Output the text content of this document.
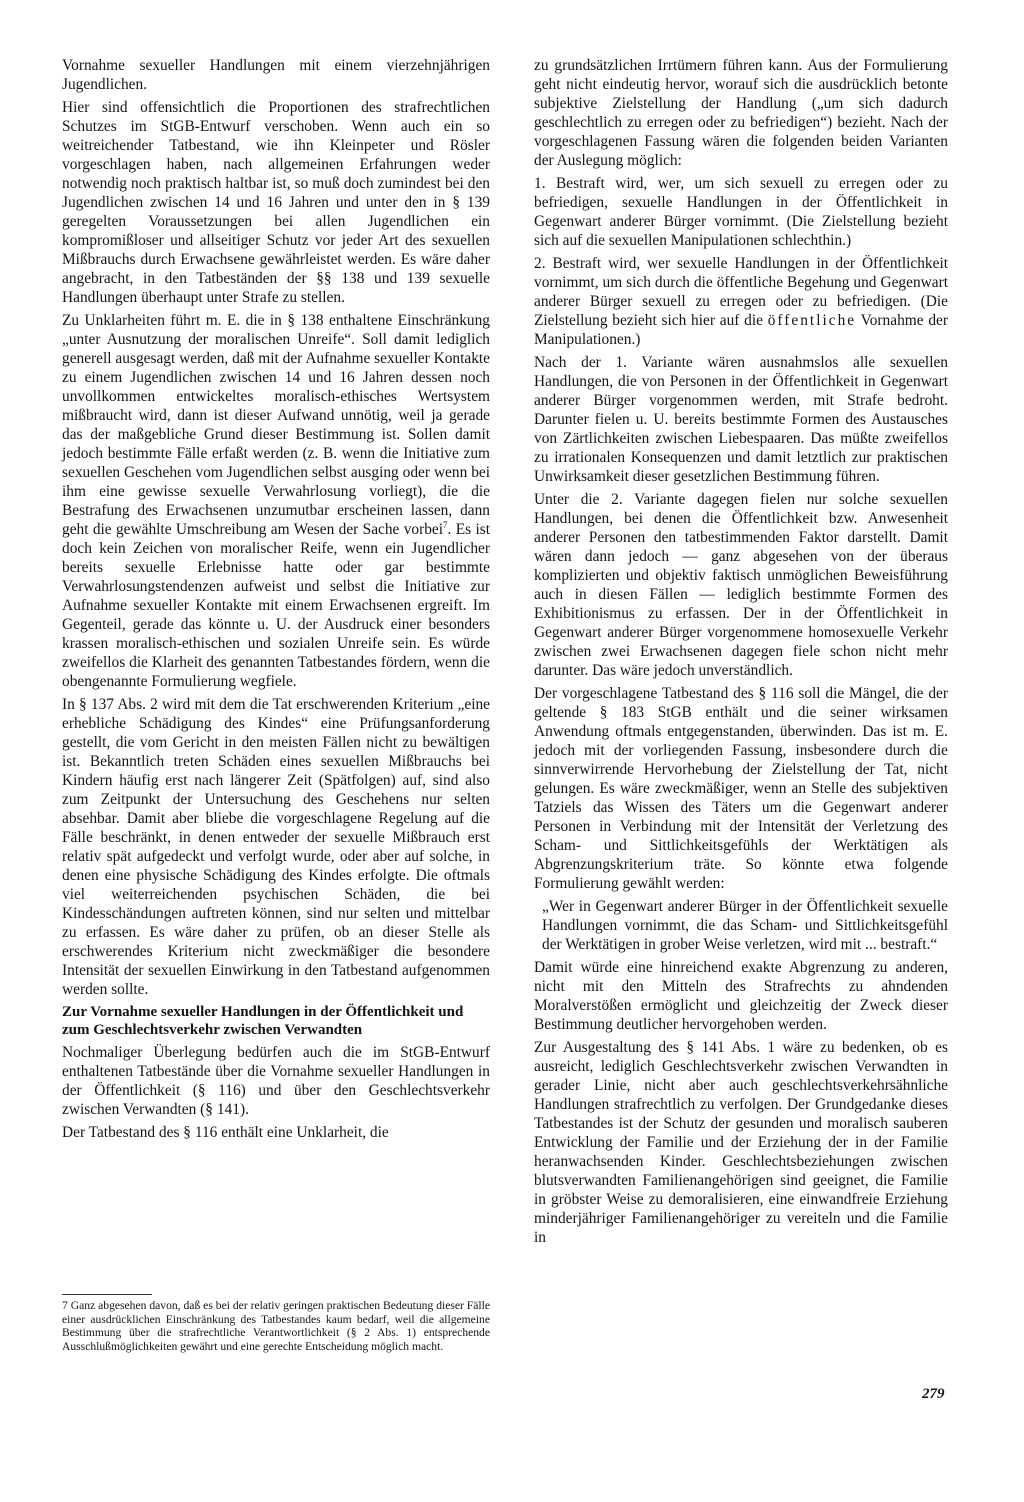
Vornahme sexueller Handlungen mit einem vierzehnjährigen Jugendlichen.

Hier sind offensichtlich die Proportionen des strafrechtlichen Schutzes im StGB-Entwurf verschoben. Wenn auch ein so weitreichender Tatbestand, wie ihn Kleinpeter und Rösler vorgeschlagen haben, nach allgemeinen Erfahrungen weder notwendig noch praktisch haltbar ist, so muß doch zumindest bei den Jugendlichen zwischen 14 und 16 Jahren und unter den in § 139 geregelten Voraussetzungen bei allen Jugendlichen ein kompromißloser und allseitiger Schutz vor jeder Art des sexuellen Mißbrauchs durch Erwachsene gewährleistet werden. Es wäre daher angebracht, in den Tatbeständen der §§ 138 und 139 sexuelle Handlungen überhaupt unter Strafe zu stellen.

Zu Unklarheiten führt m. E. die in § 138 enthaltene Einschränkung „unter Ausnutzung der moralischen Unreife“. Soll damit lediglich generell ausgesagt werden, daß mit der Aufnahme sexueller Kontakte zu einem Jugendlichen zwischen 14 und 16 Jahren dessen noch unvollkommen entwickeltes moralisch-ethisches Wertsystem mißbraucht wird, dann ist dieser Aufwand unnötig, weil ja gerade das der maßgebliche Grund dieser Bestimmung ist. Sollen damit jedoch bestimmte Fälle erfaßt werden (z. B. wenn die Initiative zum sexuellen Geschehen vom Jugendlichen selbst ausging oder wenn bei ihm eine gewisse sexuelle Verwahrlosung vorliegt), die die Bestrafung des Erwachsenen unzumutbar erscheinen lassen, dann geht die gewählte Umschreibung am Wesen der Sache vorbei$^7$. Es ist doch kein Zeichen von moralischer Reife, wenn ein Jugendlicher bereits sexuelle Erlebnisse hatte oder gar bestimmte Verwahrlosungstendenzen aufweist und selbst die Initiative zur Aufnahme sexueller Kontakte mit einem Erwachsenen ergreift. Im Gegenteil, gerade das könnte u. U. der Ausdruck einer besonders krassen moralisch-ethischen und sozialen Unreife sein. Es würde zweifellos die Klarheit des genannten Tatbestandes fördern, wenn die obengenannte Formulierung wegfiele.

In § 137 Abs. 2 wird mit dem die Tat erschwerenden Kriterium „eine erhebliche Schädigung des Kindes“ eine Prüfungsanforderung gestellt, die vom Gericht in den meisten Fällen nicht zu bewältigen ist. Bekanntlich treten Schäden eines sexuellen Mißbrauchs bei Kindern häufig erst nach längerer Zeit (Spätfolgen) auf, sind also zum Zeitpunkt der Untersuchung des Geschehens nur selten absehbar. Damit aber bliebe die vorgeschlagene Regelung auf die Fälle beschränkt, in denen entweder der sexuelle Mißbrauch erst relativ spät aufgedeckt und verfolgt wurde, oder aber auf solche, in denen eine physische Schädigung des Kindes erfolgte. Die oftmals viel weiterreichenden psychischen Schäden, die bei Kindesschändungen auftreten können, sind nur selten und mittelbar zu erfassen. Es wäre daher zu prüfen, ob an dieser Stelle als erschwerendes Kriterium nicht zweckmäßiger die besondere Intensität der sexuellen Einwirkung in den Tatbestand aufgenommen werden sollte.

Zur Vornahme sexueller Handlungen in der Öffentlichkeit und zum Geschlechtsverkehr zwischen Verwandten

Nochmaliger Überlegung bedürfen auch die im StGB-Entwurf enthaltenen Tatbestände über die Vornahme sexueller Handlungen in der Öffentlichkeit (§ 116) und über den Geschlechtsverkehr zwischen Verwandten (§ 141).

Der Tatbestand des § 116 enthält eine Unklarheit, die

7 Ganz abgesehen davon, daß es bei der relativ geringen praktischen Bedeutung dieser Fälle einer ausdrücklichen Einschränkung des Tatbestandes kaum bedarf, weil die allgemeine Bestimmung über die strafrechtliche Verantwortlichkeit (§ 2 Abs. 1) entsprechende Ausschlußmöglichkeiten gewährt und eine gerechte Entscheidung möglich macht.

zu grundsätzlichen Irrtümern führen kann. Aus der Formulierung geht nicht eindeutig hervor, worauf sich die ausdrücklich betonte subjektive Zielstellung der Handlung („um sich dadurch geschlechtlich zu erregen oder zu befriedigen“) bezieht. Nach der vorgeschlagenen Fassung wären die folgenden beiden Varianten der Auslegung möglich:

1. Bestraft wird, wer, um sich sexuell zu erregen oder zu befriedigen, sexuelle Handlungen in der Öffentlichkeit in Gegenwart anderer Bürger vornimmt. (Die Zielstellung bezieht sich auf die sexuellen Manipulationen schlechthin.)

2. Bestraft wird, wer sexuelle Handlungen in der Öffentlichkeit vornimmt, um sich durch die öffentliche Begehung und Gegenwart anderer Bürger sexuell zu erregen oder zu befriedigen. (Die Zielstellung bezieht sich hier auf die öffentliche Vornahme der Manipulationen.)

Nach der 1. Variante wären ausnahmslos alle sexuellen Handlungen, die von Personen in der Öffentlichkeit in Gegenwart anderer Bürger vorgenommen werden, mit Strafe bedroht. Darunter fielen u. U. bereits bestimmte Formen des Austausches von Zärtlichkeiten zwischen Liebespaaren. Das müßte zweifellos zu irrationalen Konsequenzen und damit letztlich zur praktischen Unwirksamkeit dieser gesetzlichen Bestimmung führen.

Unter die 2. Variante dagegen fielen nur solche sexuellen Handlungen, bei denen die Öffentlichkeit bzw. Anwesenheit anderer Personen den tatbestimmenden Faktor darstellt. Damit wären dann jedoch — ganz abgesehen von der überaus komplizierten und objektiv faktisch unmöglichen Beweisführung auch in diesen Fällen — lediglich bestimmte Formen des Exhibitionismus zu erfassen. Der in der Öffentlichkeit in Gegenwart anderer Bürger vorgenommene homosexuelle Verkehr zwischen zwei Erwachsenen dagegen fiele schon nicht mehr darunter. Das wäre jedoch unverständlich.

Der vorgeschlagene Tatbestand des § 116 soll die Mängel, die der geltende § 183 StGB enthält und die seiner wirksamen Anwendung oftmals entgegenstanden, überwinden. Das ist m. E. jedoch mit der vorliegenden Fassung, insbesondere durch die sinnverwirrende Hervorhebung der Zielstellung der Tat, nicht gelungen. Es wäre zweckmäßiger, wenn an Stelle des subjektiven Tatziels das Wissen des Täters um die Gegenwart anderer Personen in Verbindung mit der Intensität der Verletzung des Scham- und Sittlichkeitsgefühls der Werktätigen als Abgrenzungskriterium träte. So könnte etwa folgende Formulierung gewählt werden:

„Wer in Gegenwart anderer Bürger in der Öffentlichkeit sexuelle Handlungen vornimmt, die das Scham- und Sittlichkeitsgefühl der Werktätigen in grober Weise verletzen, wird mit ... bestraft.“

Damit würde eine hinreichend exakte Abgrenzung zu anderen, nicht mit den Mitteln des Strafrechts zu ahndenden Moralverstößen ermöglicht und gleichzeitig der Zweck dieser Bestimmung deutlicher hervorgehoben werden.

Zur Ausgestaltung des § 141 Abs. 1 wäre zu bedenken, ob es ausreicht, lediglich Geschlechtsverkehr zwischen Verwandten in gerader Linie, nicht aber auch geschlechtsverkehrsähnliche Handlungen strafrechtlich zu verfolgen. Der Grundgedanke dieses Tatbestandes ist der Schutz der gesunden und moralisch sauberen Entwicklung der Familie und der Erziehung der in der Familie heranwachsenden Kinder. Geschlechtsbeziehungen zwischen blutsverwandten Familienangehörigen sind geeignet, die Familie in gröbster Weise zu demoralisieren, eine einwandfreie Erziehung minderjähriger Familienangehöriger zu vereiteln und die Familie in

279
